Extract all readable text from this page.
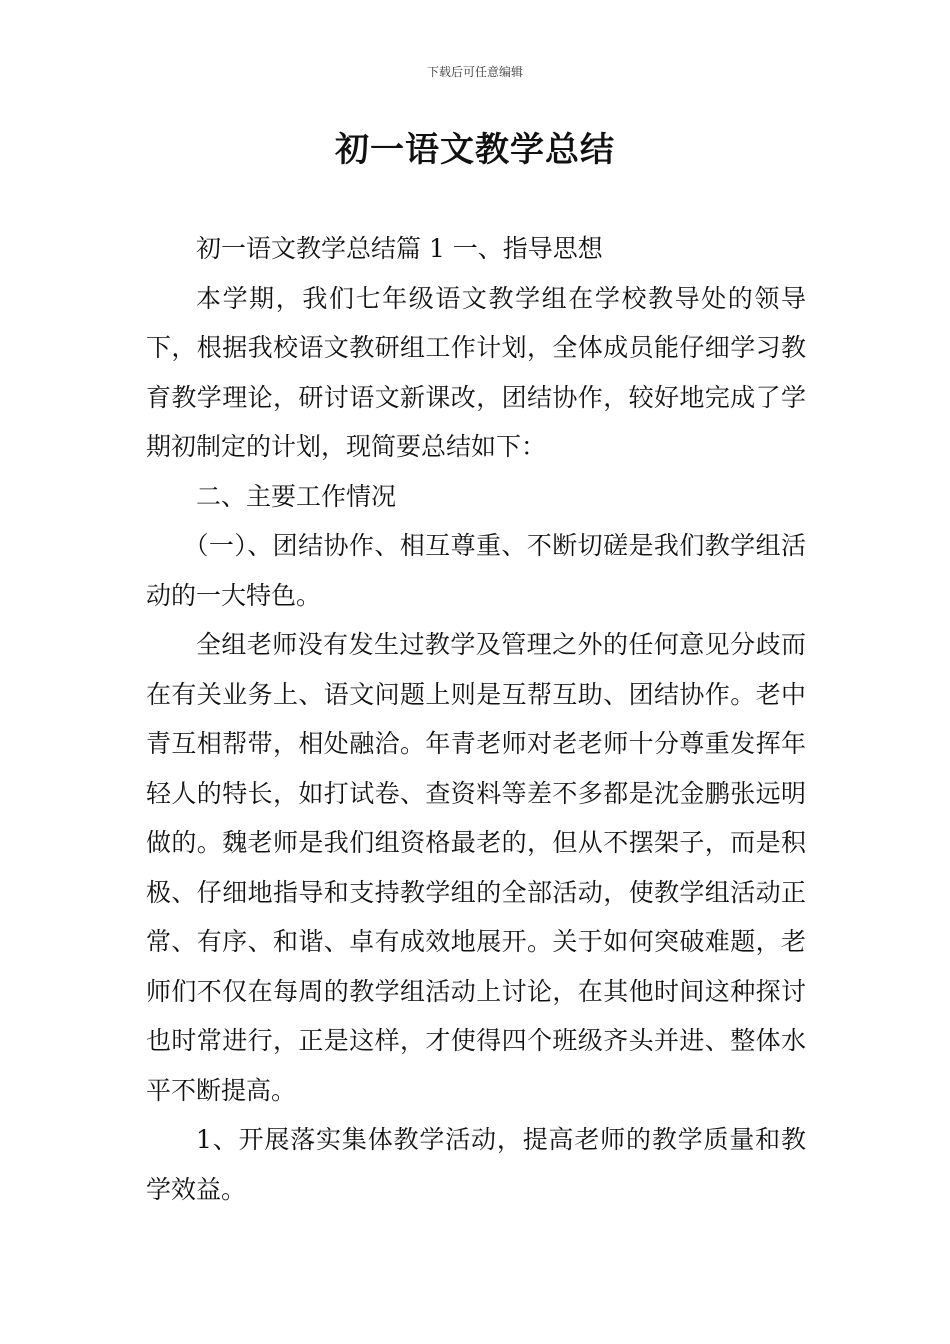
下载后可任意编辑
初一语文教学总结

初一语文教学总结篇 1 一、指导思想

本学期，我们七年级语文教学组在学校教导处的领导下，根据我校语文教研组工作计划，全体成员能仔细学习教育教学理论，研讨语文新课改，团结协作，较好地完成了学期初制定的计划，现简要总结如下：

二、主要工作情况

（一）、团结协作、相互尊重、不断切磋是我们教学组活动的一大特色。

全组老师没有发生过教学及管理之外的任何意见分歧而在有关业务上、语文问题上则是互帮互助、团结协作。老中青互相帮带，相处融洽。年青老师对老老师十分尊重发挥年轻人的特长，如打试卷、查资料等差不多都是沈金鹏张远明做的。魏老师是我们组资格最老的，但从不摆架子，而是积极、仔细地指导和支持教学组的全部活动，使教学组活动正常、有序、和谐、卓有成效地展开。关于如何突破难题，老师们不仅在每周的教学组活动上讨论，在其他时间这种探讨也时常进行，正是这样，才使得四个班级齐头并进、整体水平不断提高。

1、开展落实集体教学活动，提高老师的教学质量和教学效益。
